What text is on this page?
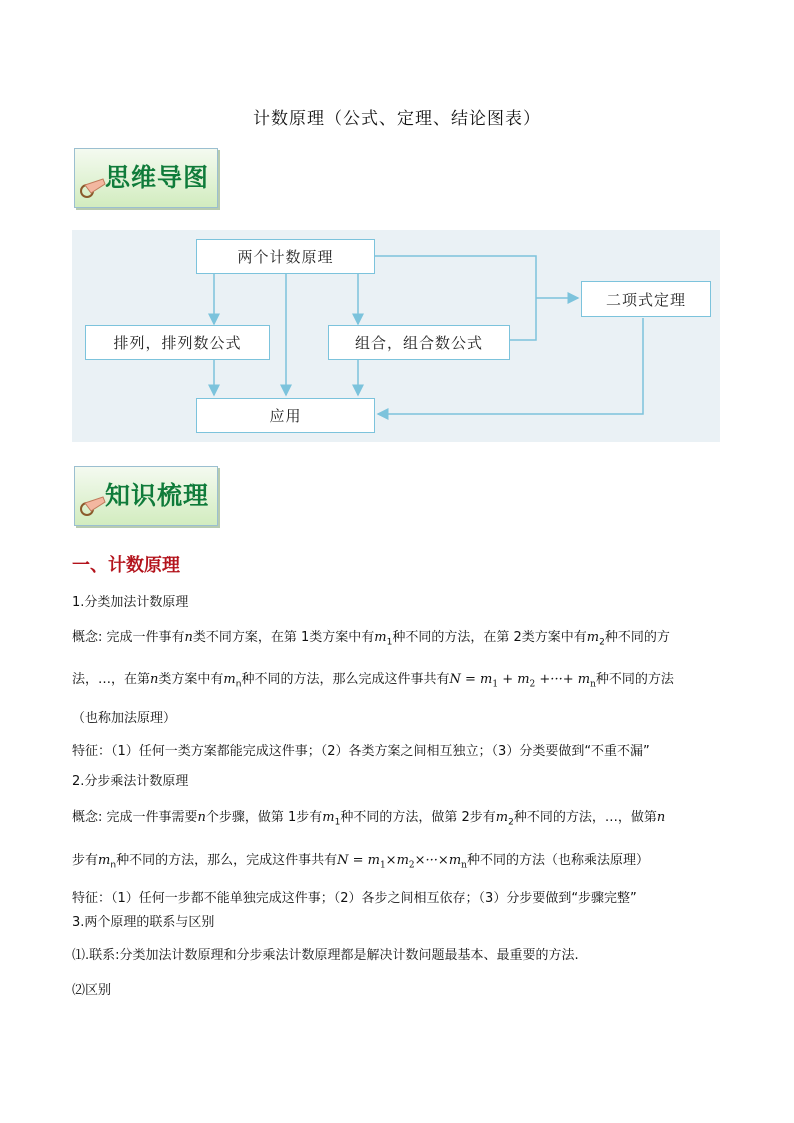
计数原理（公式、定理、结论图表）
思维导图
两个计数原理
二项式定理
排列，排列数公式	组合，组合数公式
应用
知识梳理
一、计数原理
1.分类加法计数原理
概念: 完成一件事有n类不同方案，在第 1类方案中有$m_1$种不同的方法，在第 2类方案中有$m_2$种不同的方
法，…，在第n类方案中有$m_n$种不同的方法，那么完成这件事共有$N = m_1 + m_2$ +···+ $m_n$种不同的方法
（也称加法原理）
特征：（1）任何一类方案都能完成这件事；（2）各类方案之间相互独立；（3）分类要做到“不重不漏”
2.分步乘法计数原理
概念: 完成一件事需要n个步骤，做第 1步有$m_1$种不同的方法，做第 2步有$m_2$种不同的方法，…，做第n
步有$m_n$种不同的方法，那么，完成这件事共有$N = m_1\times m_2\times\cdot\cdot\cdot\times m_n$种不同的方法（也称乘法原理）
特征：（1）任何一步都不能单独完成这件事；（2）各步之间相互依存；（3）分步要做到“步骤完整”
3.两个原理的联系与区别
⑴.联系:分类加法计数原理和分步乘法计数原理都是解决计数问题最基本、最重要的方法.
⑵区别
